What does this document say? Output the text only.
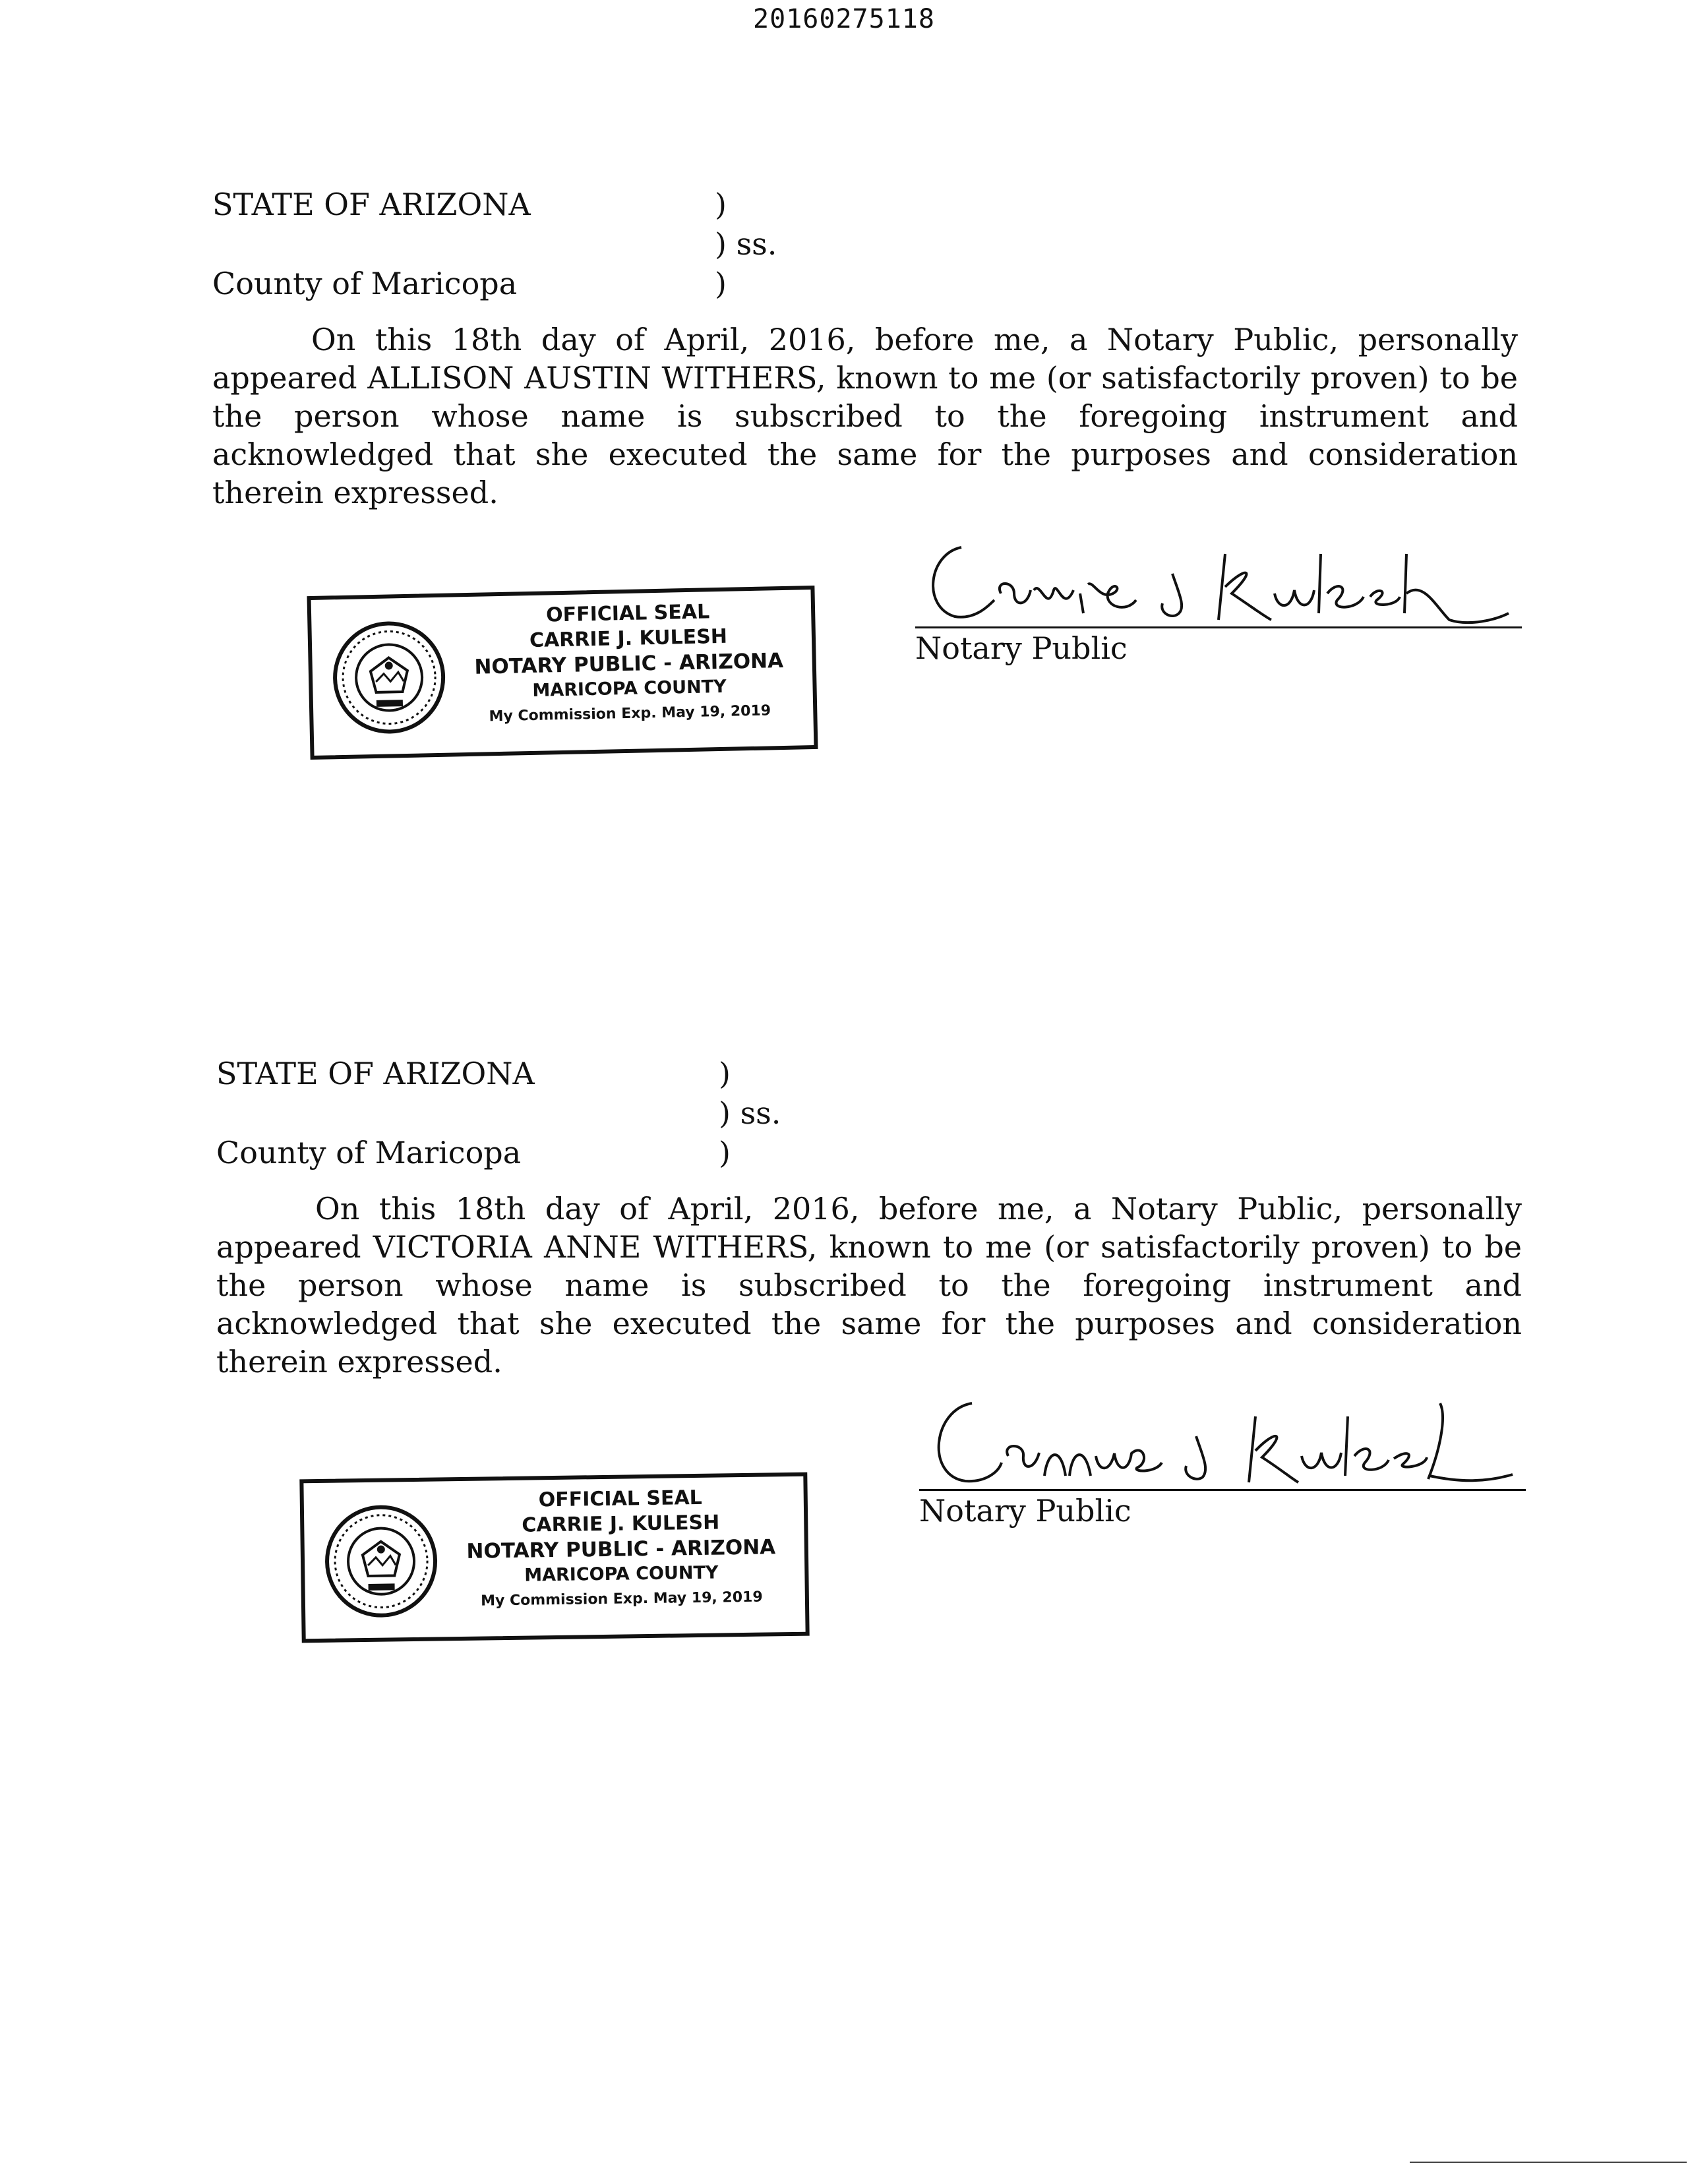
20160275118
STATE OF ARIZONA	)
) ss.
County of Maricopa	)

On this 18th day of April, 2016, before me, a Notary Public, personally appeared ALLISON AUSTIN WITHERS, known to me (or satisfactorily proven) to be the person whose name is subscribed to the foregoing instrument and acknowledged that she executed the same for the purposes and consideration therein expressed.

OFFICIAL SEAL
CARRIE J. KULESH
NOTARY PUBLIC - ARIZONA
MARICOPA COUNTY
My Commission Exp. May 19, 2019
Notary Public
STATE OF ARIZONA	)
) ss.
County of Maricopa	)

On this 18th day of April, 2016, before me, a Notary Public, personally appeared VICTORIA ANNE WITHERS, known to me (or satisfactorily proven) to be the person whose name is subscribed to the foregoing instrument and acknowledged that she executed the same for the purposes and consideration therein expressed.

OFFICIAL SEAL
CARRIE J. KULESH
NOTARY PUBLIC - ARIZONA
MARICOPA COUNTY
My Commission Exp. May 19, 2019
Notary Public
